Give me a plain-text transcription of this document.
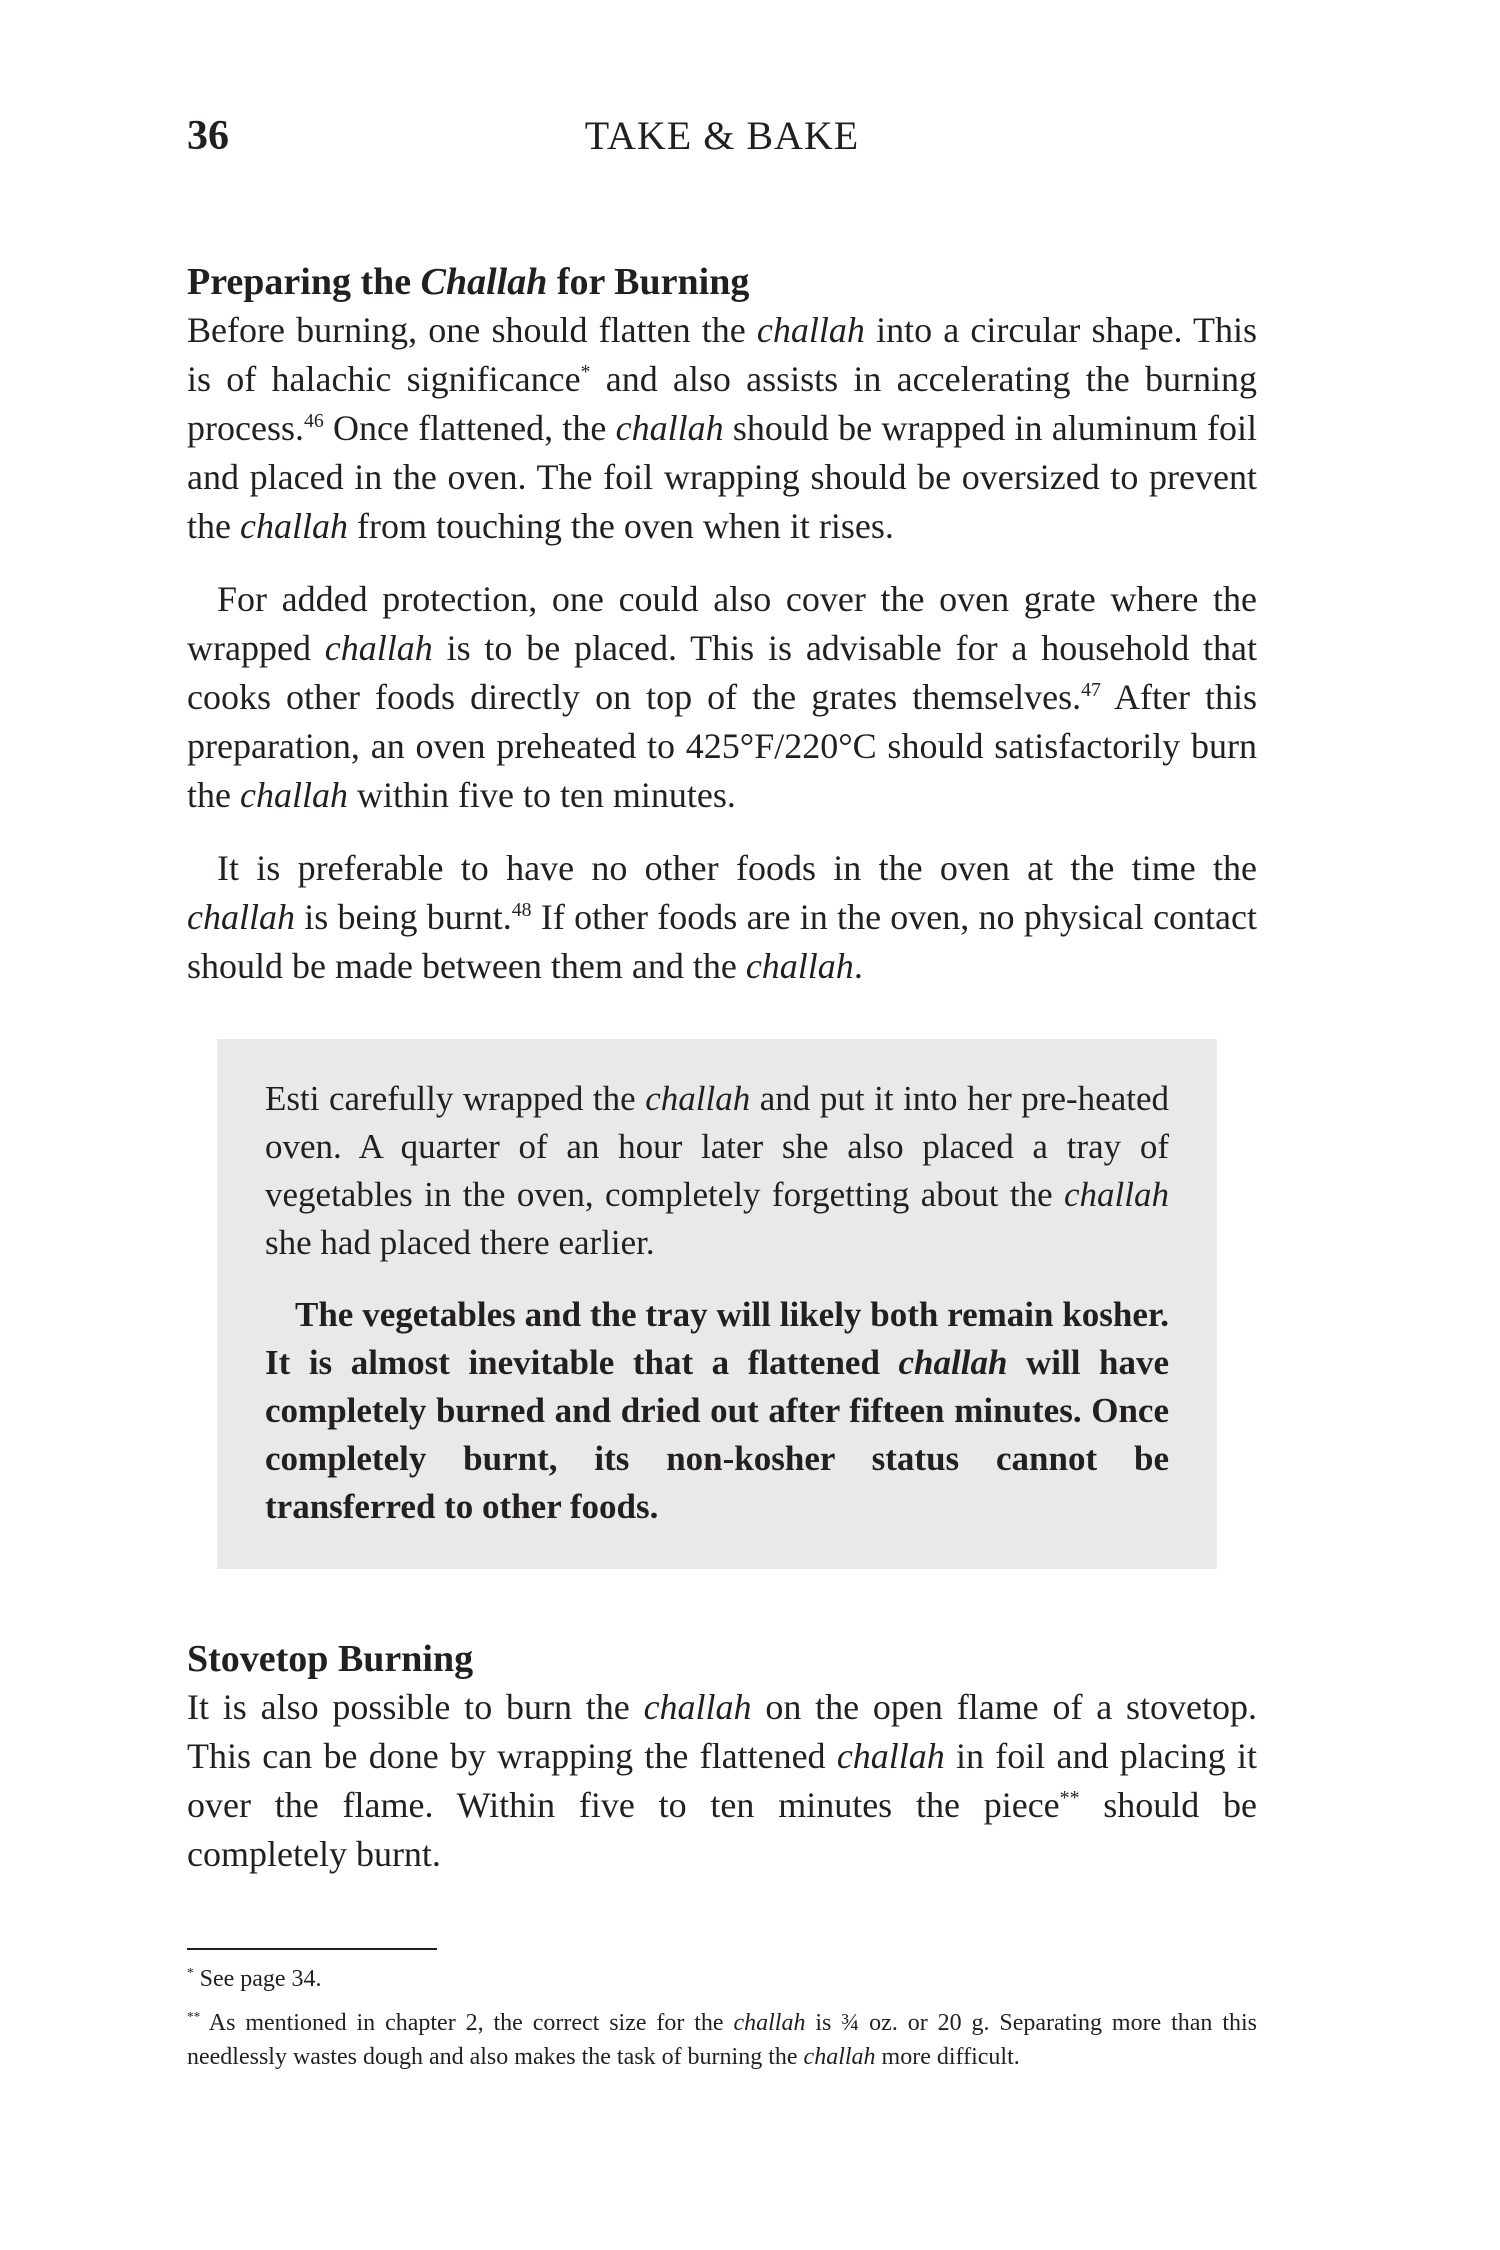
36	TAKE & BAKE
Preparing the Challah for Burning

Before burning, one should flatten the challah into a circular shape. This is of halachic significance* and also assists in accelerating the burning process.$^{46}$ Once flattened, the challah should be wrapped in aluminum foil and placed in the oven. The foil wrapping should be oversized to prevent the challah from touching the oven when it rises.

For added protection, one could also cover the oven grate where the wrapped challah is to be placed. This is advisable for a household that cooks other foods directly on top of the grates themselves.$^{47}$ After this preparation, an oven preheated to 425°F/220°C should satisfactorily burn the challah within five to ten minutes.

It is preferable to have no other foods in the oven at the time the challah is being burnt.$^{48}$ If other foods are in the oven, no physical contact should be made between them and the challah.

Esti carefully wrapped the challah and put it into her pre-heated oven. A quarter of an hour later she also placed a tray of vegetables in the oven, completely forgetting about the challah she had placed there earlier.

The vegetables and the tray will likely both remain kosher. It is almost inevitable that a flattened challah will have completely burned and dried out after fifteen minutes. Once completely burnt, its non-kosher status cannot be transferred to other foods.

Stovetop Burning

It is also possible to burn the challah on the open flame of a stovetop. This can be done by wrapping the flattened challah in foil and placing it over the flame. Within five to ten minutes the piece** should be completely burnt.

* See page 34.

** As mentioned in chapter 2, the correct size for the challah is ¾ oz. or 20 g. Separating more than this needlessly wastes dough and also makes the task of burning the challah more difficult.
